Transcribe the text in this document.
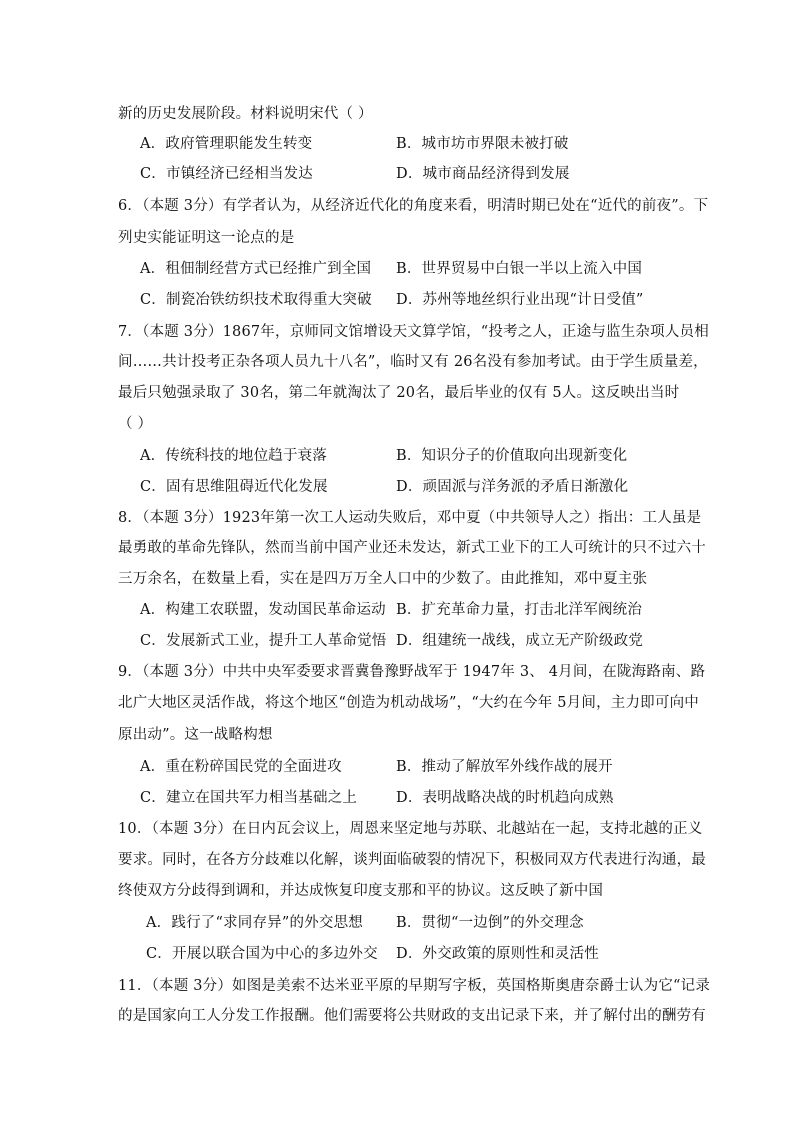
新的历史发展阶段。材料说明宋代（ ）
A．政府管理职能发生转变	B．城市坊市界限未被打破
C．市镇经济已经相当发达	D．城市商品经济得到发展
6．（本题 3分）有学者认为，从经济近代化的角度来看，明清时期已处在“近代的前夜”。下
列史实能证明这一论点的是
A．租佃制经营方式已经推广到全国 B．世界贸易中白银一半以上流入中国
C．制瓷冶铁纺织技术取得重大突破 D．苏州等地丝织行业出现“计日受值”
7．（本题 3分）1867年，京师同文馆增设天文算学馆，“投考之人，正途与监生杂项人员相
间……共计投考正杂各项人员九十八名”，临时又有 26名没有参加考试。由于学生质量差，
最后只勉强录取了 30名，第二年就淘汰了 20名，最后毕业的仅有 5人。这反映出当时
（ ）
A．传统科技的地位趋于衰落	B．知识分子的价值取向出现新变化
C．固有思维阻碍近代化发展	D．顽固派与洋务派的矛盾日渐激化
8．（本题 3分）1923年第一次工人运动失败后，邓中夏（中共领导人之）指出：工人虽是
最勇敢的革命先锋队，然而当前中国产业还未发达，新式工业下的工人可统计的只不过六十
三万余名，在数量上看，实在是四万万全人口中的少数了。由此推知，邓中夏主张
A．构建工农联盟，发动国民革命运动 B．扩充革命力量，打击北洋军阀统治
C．发展新式工业，提升工人革命觉悟 D．组建统一战线，成立无产阶级政党
9．（本题 3分）中共中央军委要求晋冀鲁豫野战军于 1947年 3、 4月间，在陇海路南、路
北广大地区灵活作战，将这个地区“创造为机动战场”，“大约在今年 5月间，主力即可向中
原出动”。这一战略构想
A．重在粉碎国民党的全面进攻	B．推动了解放军外线作战的展开
C．建立在国共军力相当基础之上	D．表明战略决战的时机趋向成熟
10．（本题 3分）在日内瓦会议上，周恩来坚定地与苏联、北越站在一起，支持北越的正义
要求。同时，在各方分歧难以化解，谈判面临破裂的情况下，积极同双方代表进行沟通，最
终使双方分歧得到调和，并达成恢复印度支那和平的协议。这反映了新中国
A．践行了“求同存异”的外交思想 B．贯彻“一边倒”的外交理念
C．开展以联合国为中心的多边外交 D．外交政策的原则性和灵活性
11．（本题 3分）如图是美索不达米亚平原的早期写字板，英国格斯奥唐奈爵士认为它“记录
的是国家向工人分发工作报酬。他们需要将公共财政的支出记录下来，并了解付出的酬劳有
